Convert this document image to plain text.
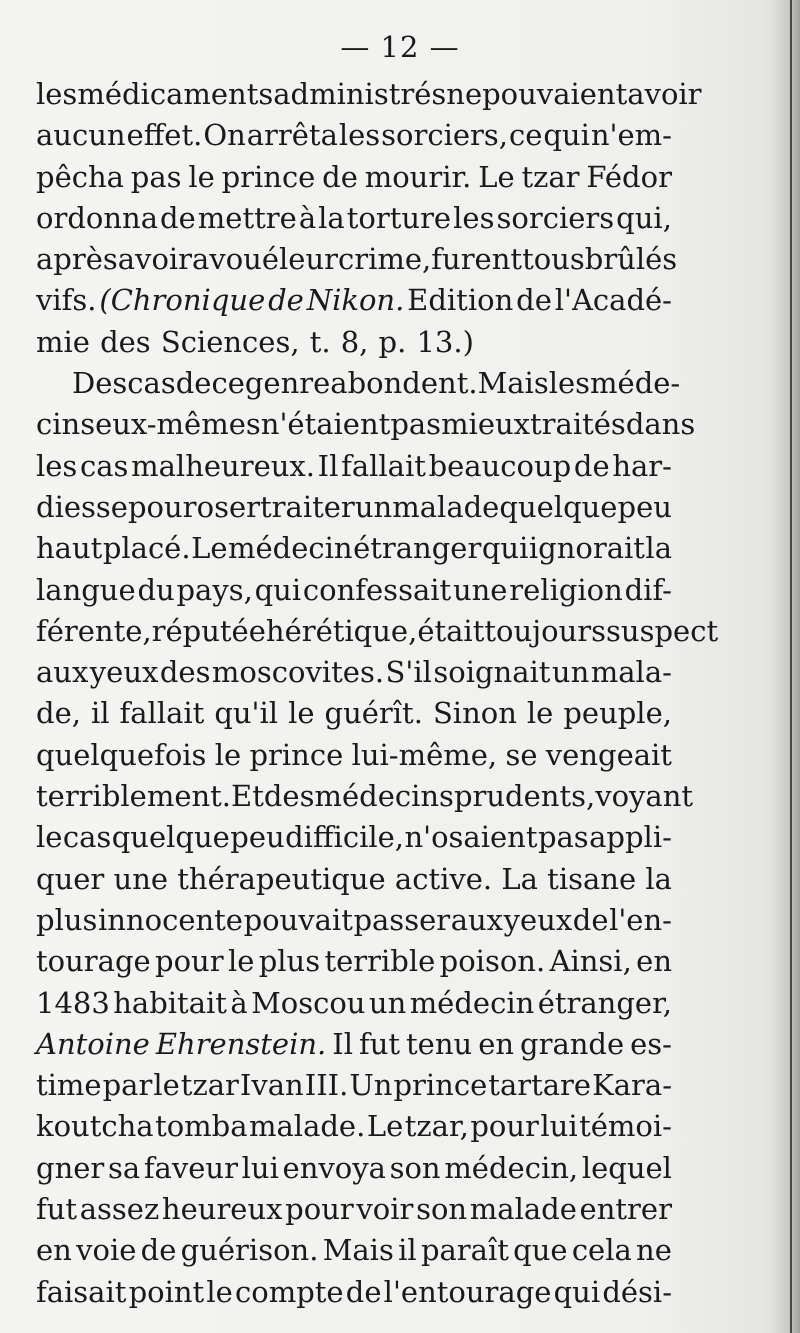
— 12 —
les médicaments administrés ne pouvaient avoir
aucun effet. On arrêta les sorciers, ce qui n'em-
pêcha pas le prince de mourir. Le tzar Fédor
ordonna de mettre à la torture les sorciers qui,
après avoir avoué leur crime, furent tous brûlés
vifs. (Chronique de Nikon. Edition de l'Acadé-
mie des Sciences, t. 8, p. 13.)
Des cas de ce genre abondent. Mais les méde-
cins eux-mêmes n'étaient pas mieux traités dans
les cas malheureux. Il fallait beaucoup de har-
diesse pour oser traiter un malade quelque peu
haut placé. Le médecin étranger qui ignorait la
langue du pays, qui confessait une religion dif-
férente, réputée hérétique, était toujours suspect
aux yeux des moscovites. S'il soignait un mala-
de, il fallait qu'il le guérît. Sinon le peuple,
quelquefois le prince lui-même, se vengeait
terriblement. Et des médecins prudents, voyant
le cas quelque peu difficile, n'osaient pas appli-
quer une thérapeutique active. La tisane la
plus innocente pouvait passer aux yeux de l'en-
tourage pour le plus terrible poison. Ainsi, en
1483 habitait à Moscou un médecin étranger,
Antoine Ehrenstein. Il fut tenu en grande es-
time par le tzar Ivan III. Un prince tartare Kara-
koutcha tomba malade. Le tzar, pour lui témoi-
gner sa faveur lui envoya son médecin, lequel
fut assez heureux pour voir son malade entrer
en voie de guérison. Mais il paraît que cela ne
faisait point le compte de l'entourage qui dési-
